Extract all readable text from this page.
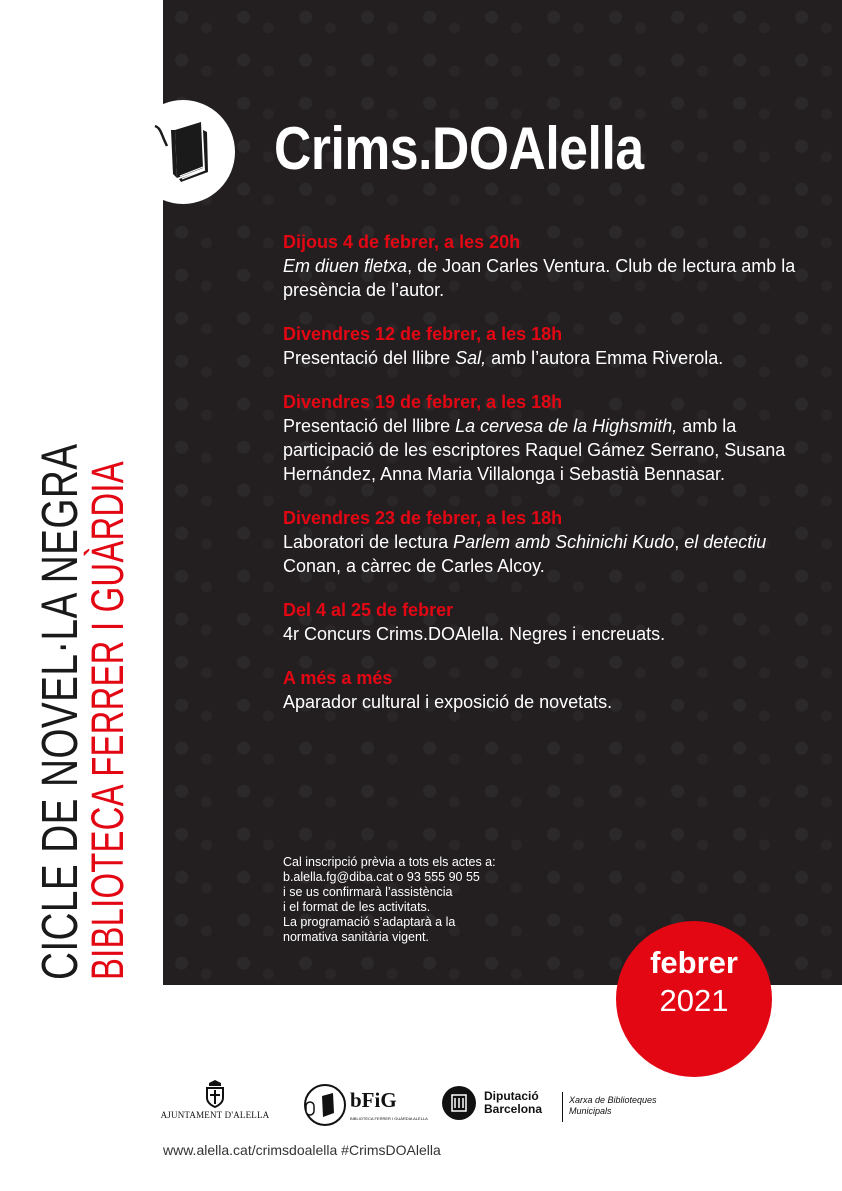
CICLE DE NOVEL·LA NEGRA
BIBLIOTECA FERRER I GUÀRDIA
Crims.DOAlella
Dijous 4 de febrer, a les 20h
Em diuen fletxa, de Joan Carles Ventura. Club de lectura amb la presència de l’autor.
Divendres 12 de febrer, a les 18h
Presentació del llibre Sal, amb l’autora Emma Riverola.
Divendres 19 de febrer, a les 18h
Presentació del llibre La cervesa de la Highsmith, amb la participació de les escriptores Raquel Gámez Serrano, Susana Hernández, Anna Maria Villalonga i Sebastià Bennasar.
Divendres 23 de febrer, a les 18h
Laboratori de lectura Parlem amb Schinichi Kudo, el detectiu Conan, a càrrec de Carles Alcoy.
Del 4 al 25 de febrer
4r Concurs Crims.DOAlella. Negres i encreuats.
A més a més
Aparador cultural i exposició de novetats.
Cal inscripció prèvia a tots els actes a:
b.alella.fg@diba.cat o 93 555 90 55
i se us confirmarà l’assistència
i el format de les activitats.
La programació s’adaptarà a la
normativa sanitària vigent.
febrer
2021
AJUNTAMENT D'ALELLA
bFiG
BIBLIOTECA FERRER I GUÀRDIA ALELLA
Diputació
Barcelona
Xarxa de Biblioteques
Municipals
www.alella.cat/crimsdoalella #CrimsDOAlella
